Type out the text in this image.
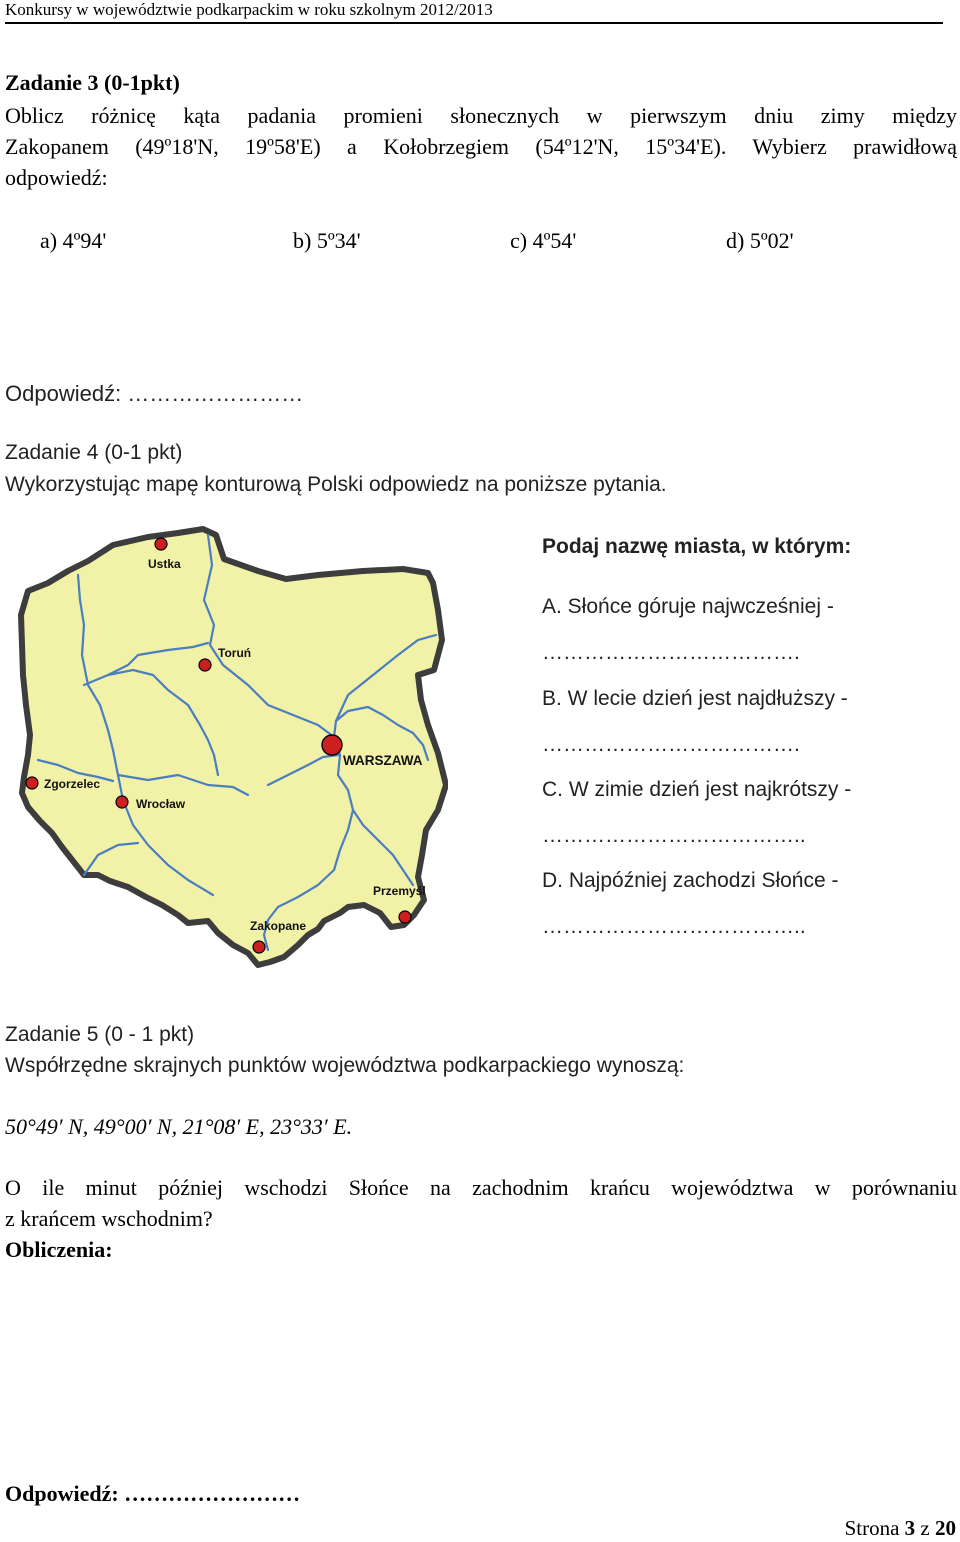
Konkursy w województwie podkarpackim w roku szkolnym 2012/2013
Zadanie 3 (0-1pkt)
Oblicz różnicę kąta padania promieni słonecznych w pierwszym dniu zimy między
Zakopanem (49º18'N, 19º58'E) a Kołobrzegiem (54º12'N, 15º34'E). Wybierz prawidłową
odpowiedź:
a) 4º94'	b) 5º34'	c) 4º54'	d) 5º02'
Odpowiedź: ……………………
Zadanie 4 (0-1 pkt)
Wykorzystując mapę konturową Polski odpowiedz na poniższe pytania.
Ustka
Toruń
WARSZAWA
Zgorzelec
Wrocław
Przemyśl
Zakopane
Podaj nazwę miasta, w którym:
A. Słońce góruje najwcześniej -
……………………………….
B. W lecie dzień jest najdłuższy -
……………………………….
C. W zimie dzień jest najkrótszy -
………………………………..
D. Najpóźniej zachodzi Słońce -
………………………………..
Zadanie 5 (0 - 1 pkt)
Współrzędne skrajnych punktów województwa podkarpackiego wynoszą:
50°49′ N, 49°00′ N, 21°08′ E, 23°33′ E.
O ile minut później wschodzi Słońce na zachodnim krańcu województwa w porównaniu
z krańcem wschodnim?
Obliczenia:
Odpowiedź: ……………………
Strona 3 z 20
